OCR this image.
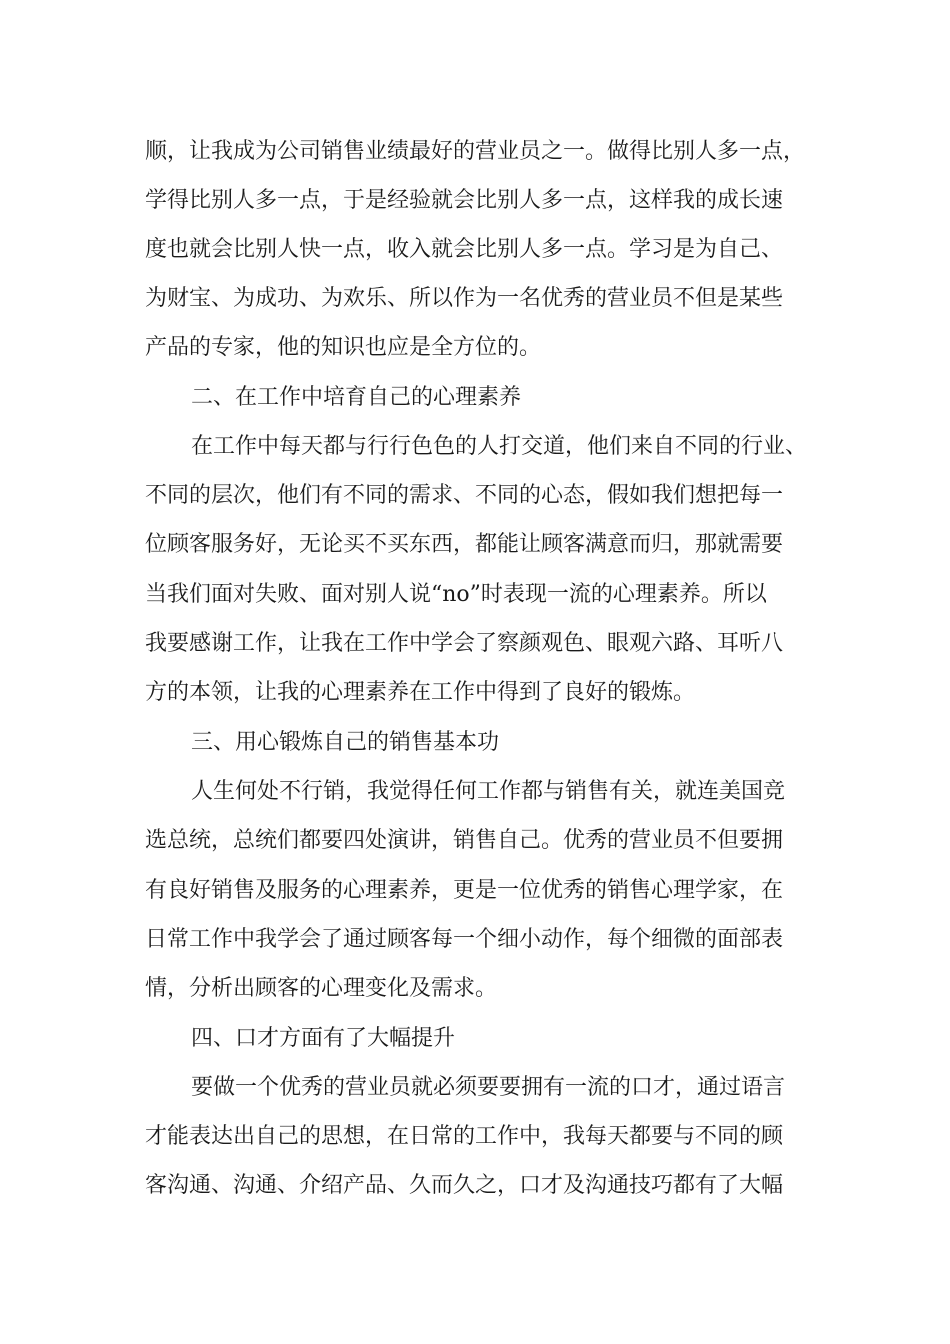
顺，让我成为公司销售业绩最好的营业员之一。做得比别人多一点，

学得比别人多一点，于是经验就会比别人多一点，这样我的成长速

度也就会比别人快一点，收入就会比别人多一点。学习是为自己、

为财宝、为成功、为欢乐、所以作为一名优秀的营业员不但是某些

产品的专家，他的知识也应是全方位的。

二、在工作中培育自己的心理素养

在工作中每天都与行行色色的人打交道，他们来自不同的行业、

不同的层次，他们有不同的需求、不同的心态，假如我们想把每一

位顾客服务好，无论买不买东西，都能让顾客满意而归，那就需要

当我们面对失败、面对别人说“no”时表现一流的心理素养。所以

我要感谢工作，让我在工作中学会了察颜观色、眼观六路、耳听八

方的本领，让我的心理素养在工作中得到了良好的锻炼。

三、用心锻炼自己的销售基本功

人生何处不行销，我觉得任何工作都与销售有关，就连美国竞

选总统，总统们都要四处演讲，销售自己。优秀的营业员不但要拥

有良好销售及服务的心理素养，更是一位优秀的销售心理学家，在

日常工作中我学会了通过顾客每一个细小动作，每个细微的面部表

情，分析出顾客的心理变化及需求。

四、口才方面有了大幅提升

要做一个优秀的营业员就必须要要拥有一流的口才，通过语言

才能表达出自己的思想，在日常的工作中，我每天都要与不同的顾

客沟通、沟通、介绍产品、久而久之，口才及沟通技巧都有了大幅
